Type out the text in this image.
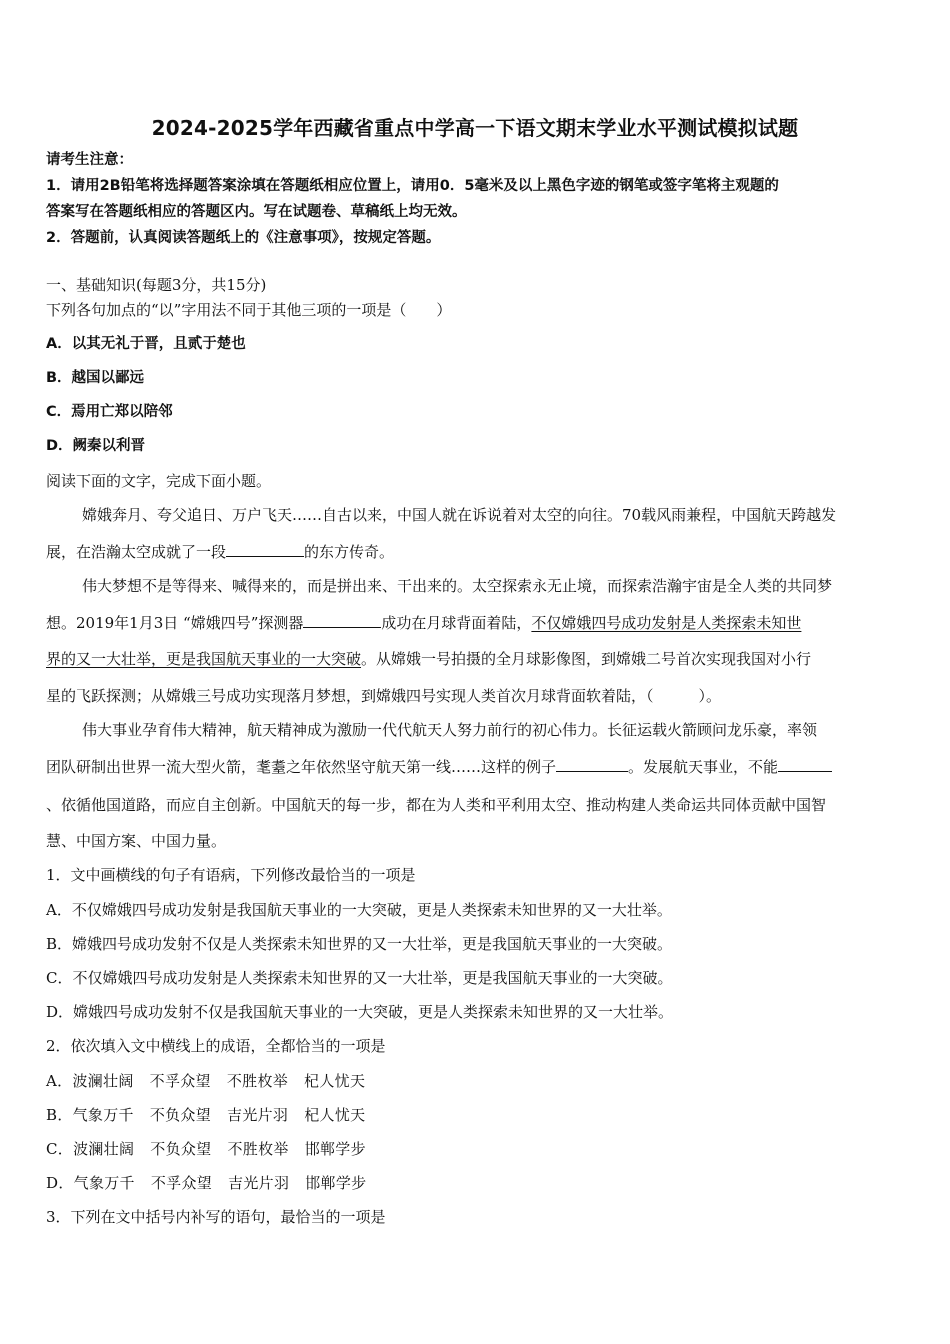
2024-2025学年西藏省重点中学高一下语文期末学业水平测试模拟试题
请考生注意：
1．请用2B铅笔将选择题答案涂填在答题纸相应位置上，请用0．5毫米及以上黑色字迹的钢笔或签字笔将主观题的
答案写在答题纸相应的答题区内。写在试题卷、草稿纸上均无效。
2．答题前，认真阅读答题纸上的《注意事项》，按规定答题。
一、基础知识(每题3分，共15分)
下列各句加点的“以”字用法不同于其他三项的一项是（　　）
A．以其无礼于晋，且贰于楚也
B．越国以鄙远
C．焉用亡郑以陪邻
D．阙秦以利晋
阅读下面的文字，完成下面小题。
嫦娥奔月、夸父追日、万户飞天……自古以来，中国人就在诉说着对太空的向往。70载风雨兼程，中国航天跨越发
展，在浩瀚太空成就了一段	的东方传奇。
伟大梦想不是等得来、喊得来的，而是拼出来、干出来的。太空探索永无止境，而探索浩瀚宇宙是全人类的共同梦
想。2019年1月3日 “嫦娥四号”探测器	成功在月球背面着陆，不仅嫦娥四号成功发射是人类探索未知世
界的又一大壮举，更是我国航天事业的一大突破。从嫦娥一号拍摄的全月球影像图，到嫦娥二号首次实现我国对小行
星的飞跃探测；从嫦娥三号成功实现落月梦想，到嫦娥四号实现人类首次月球背面软着陆，（　　　）。
伟大事业孕育伟大精神，航天精神成为激励一代代航天人努力前行的初心伟力。长征运载火箭顾问龙乐豪，率领
团队研制出世界一流大型火箭，耄耋之年依然坚守航天第一线……这样的例子	。发展航天事业，不能
、依循他国道路，而应自主创新。中国航天的每一步，都在为人类和平利用太空、推动构建人类命运共同体贡献中国智
慧、中国方案、中国力量。
1．文中画横线的句子有语病，下列修改最恰当的一项是
A．不仅嫦娥四号成功发射是我国航天事业的一大突破，更是人类探索未知世界的又一大壮举。
B．嫦娥四号成功发射不仅是人类探索未知世界的又一大壮举，更是我国航天事业的一大突破。
C．不仅嫦娥四号成功发射是人类探索未知世界的又一大壮举，更是我国航天事业的一大突破。
D．嫦娥四号成功发射不仅是我国航天事业的一大突破，更是人类探索未知世界的又一大壮举。
2．依次填入文中横线上的成语，全都恰当的一项是
A．波澜壮阔 不孚众望 不胜枚举 杞人忧天
B．气象万千 不负众望 吉光片羽 杞人忧天
C．波澜壮阔 不负众望 不胜枚举 邯郸学步
D．气象万千 不孚众望 吉光片羽 邯郸学步
3．下列在文中括号内补写的语句，最恰当的一项是
